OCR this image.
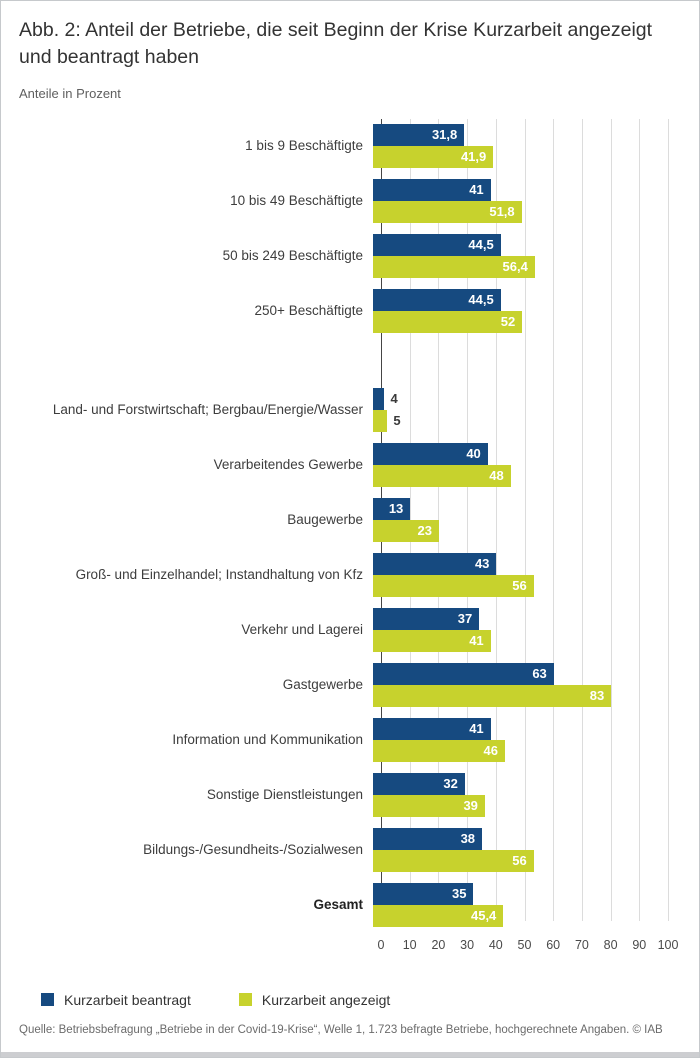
Abb. 2: Anteil der Betriebe, die seit Beginn der Krise Kurzarbeit angezeigt und beantragt haben
Anteile in Prozent
1 bis 9 Beschäftigte
31,8
41,9
10 bis 49 Beschäftigte
41
51,8
50 bis 249 Beschäftigte
44,5
56,4
250+ Beschäftigte
44,5
52
Land- und Forstwirtschaft; Bergbau/Energie/Wasser
4
5
Verarbeitendes Gewerbe
40
48
Baugewerbe
13
23
Groß- und Einzelhandel; Instandhaltung von Kfz
43
56
Verkehr und Lagerei
37
41
Gastgewerbe
63
83
Information und Kommunikation
41
46
Sonstige Dienstleistungen
32
39
Bildungs-/Gesundheits-/Sozialwesen
38
56
Gesamt
35
45,4
0 10 20 30 40 50 60 70 80 90 100
Kurzarbeit beantragt	Kurzarbeit angezeigt
Quelle: Betriebsbefragung „Betriebe in der Covid-19-Krise“, Welle 1, 1.723 befragte Betriebe, hochgerechnete Angaben. © IAB
